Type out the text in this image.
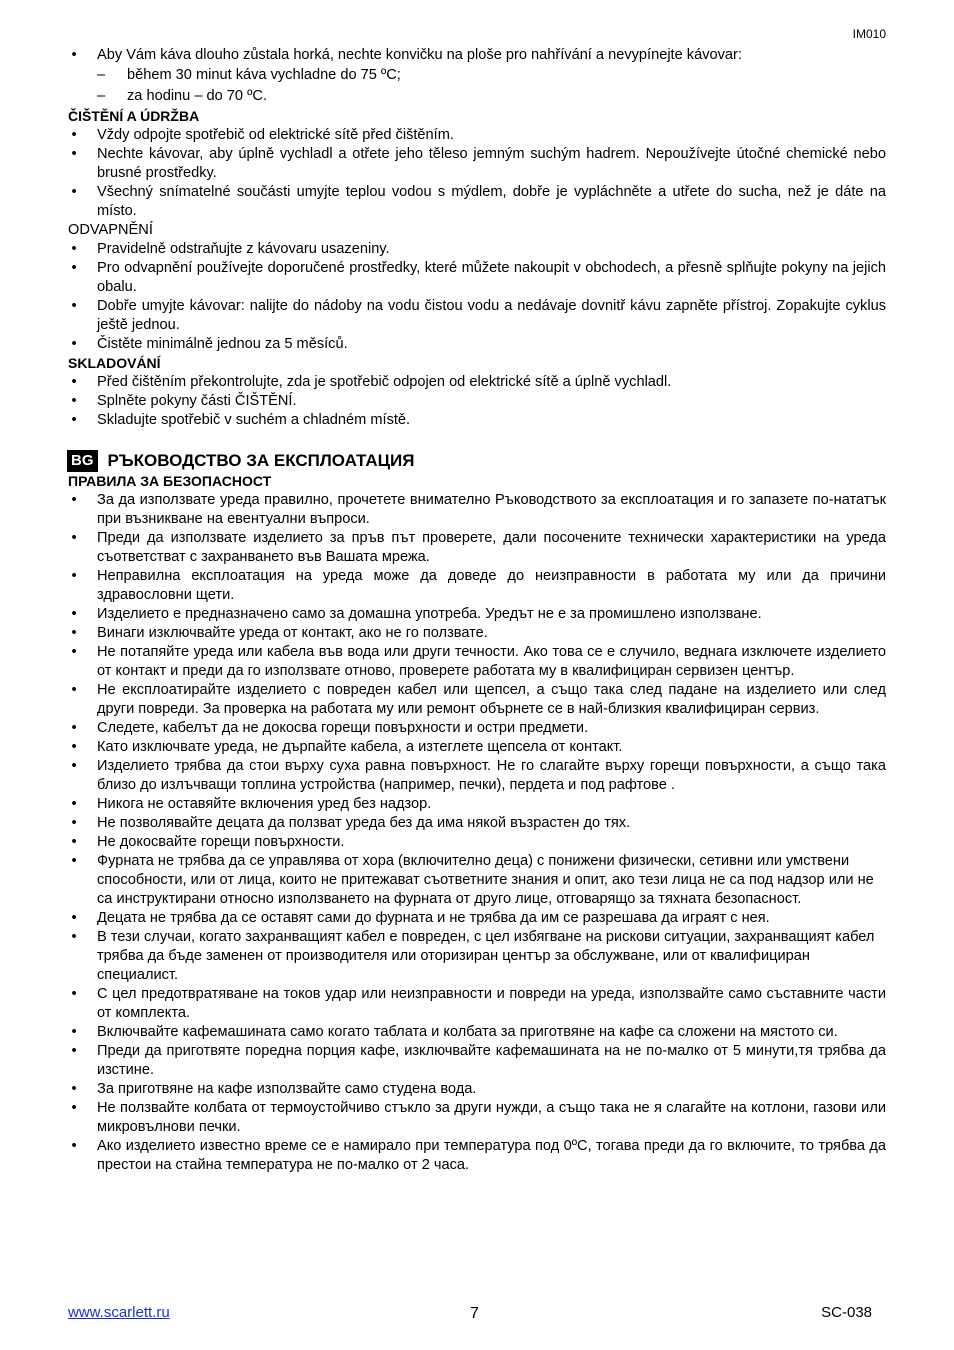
IM010
• Aby Vám káva dlouho zůstala horká, nechte konvičku na ploše pro nahřívání a nevypínejte kávovar:
– během 30 minut káva vychladne do 75 ºC;
– za hodinu – do 70 ºC.
ČIŠTĚNÍ A ÚDRŽBA
• Vždy odpojte spotřebič od elektrické sítě před čištěním.
• Nechte kávovar, aby úplně vychladl a otřete jeho těleso jemným suchým hadrem. Nepoužívejte útočné chemické nebo brusné prostředky.
• Všechný snímatelné součásti umyjte teplou vodou s mýdlem, dobře je vypláchněte a utřete do sucha, než je dáte na místo.
ODVAPNĚNÍ
• Pravidelně odstraňujte z kávovaru usazeniny.
• Pro odvapnění používejte doporučené prostředky, které můžete nakoupit v obchodech, a přesně splňujte pokyny na jejich obalu.
• Dobře umyjte kávovar: nalijte do nádoby na vodu čistou vodu a nedávaje dovnitř kávu zapněte přístroj. Zopakujte cyklus ještě jednou.
• Čistěte minimálně jednou za 5 měsíců.
SKLADOVÁNÍ
• Před čištěním překontrolujte, zda je spotřebič odpojen od elektrické sítě a úplně vychladl.
• Splněte pokyny části ČIŠTĚNÍ.
• Skladujte spotřebič v suchém a chladném místě.
BG РЪКОВОДСТВО ЗА ЕКСПЛОАТАЦИЯ
ПРАВИЛА ЗА БЕЗОПАСНОСТ
• За да използвате уреда правилно, прочетете внимателно Ръководството за експлоатация и го запазете по-нататък при възникване на евентуални въпроси.
• Преди да използвате изделието за пръв път проверете, дали посочените технически характеристики на уреда съответстват с захранването във Вашата мрежа.
• Неправилна експлоатация на уреда може да доведе до неизправности в работата му или да причини здравословни щети.
• Изделието е предназначено само за домашна употреба. Уредът не е за промишлено използване.
• Винаги изключвайте уреда от контакт, ако не го ползвате.
• Не потапяйте уреда или кабела във вода или други течности. Ако това се е случило, веднага изключете изделието от контакт и преди да го използвате отново, проверете работата му в квалифициран сервизен център.
• Не експлоатирайте изделието с повреден кабел или щепсел, а също така след падане на изделието или след други повреди. За проверка на работата му или ремонт обърнете се в най-близкия квалифициран сервиз.
• Следете, кабелът да не докосва горещи повърхности и остри предмети.
• Като изключвате уреда, не дърпайте кабела, а изтеглете щепсела от контакт.
• Изделието трябва да стои върху суха равна повърхност. Не го слагайте върху горещи повърхности, а също така близо до излъчващи топлина устройства (например, печки), пердета и под рафтове .
• Никога не оставяйте включения уред без надзор.
• Не позволявайте децата да ползват уреда без да има някой възрастен до тях.
• Не докосвайте горещи повърхности.
• Фурната не трябва да се управлява от хора (включително деца) с понижени физически, сетивни или умствени способности, или от лица, които не притежават съответните знания и опит, ако тези лица не са под надзор или не са инструктирани относно използването на фурната от друго лице, отговарящо за тяхната безопасност.
• Децата не трябва да се оставят сами до фурната и не трябва да им се разрешава да играят с нея.
• В тези случаи, когато захранващият кабел е повреден, с цел избягване на рискови ситуации, захранващият кабел трябва да бъде заменен от производителя или оторизиран център за обслужване, или от квалифициран специалист.
• С цел предотвратяване на токов удар или неизправности и повреди на уреда, използвайте само съставните части от комплекта.
• Включвайте кафемашината само когато таблата и колбата за приготвяне на кафе са сложени на мястото си.
• Преди да приготвяте поредна порция кафе, изключвайте кафемашината на не по-малко от 5 минути,тя трябва да изстине.
• За приготвяне на кафе използвайте само студена вода.
• Не ползвайте колбата от термоустойчиво стъкло за други нужди, а също така не я слагайте на котлони, газови или микровълнови печки.
• Ако изделието известно време се е намирало при температура под 0ºС, тогава преди да го включите, то трябва да престои на стайна температура не по-малко от 2 часа.
www.scarlett.ru	7	SC-038
